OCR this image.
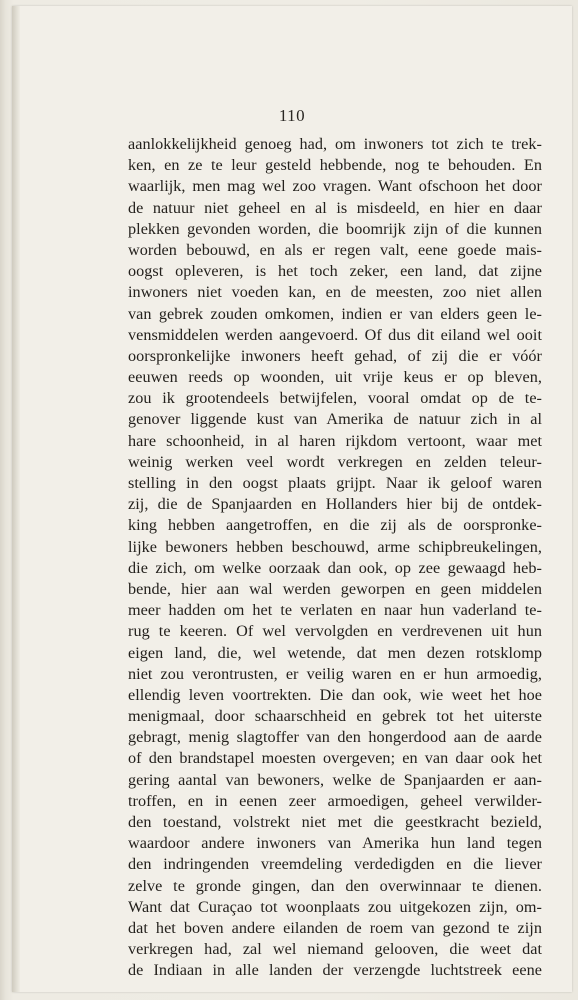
110
aanlokkelijkheid genoeg had, om inwoners tot zich te trek-
ken, en ze te leur gesteld hebbende, nog te behouden. En
waarlijk, men mag wel zoo vragen. Want ofschoon het door
de natuur niet geheel en al is misdeeld, en hier en daar
plekken gevonden worden, die boomrijk zijn of die kunnen
worden bebouwd, en als er regen valt, eene goede mais-
oogst opleveren, is het toch zeker, een land, dat zijne
inwoners niet voeden kan, en de meesten, zoo niet allen
van gebrek zouden omkomen, indien er van elders geen le-
vensmiddelen werden aangevoerd. Of dus dit eiland wel ooit
oorspronkelijke inwoners heeft gehad, of zij die er vóór
eeuwen reeds op woonden, uit vrije keus er op bleven,
zou ik grootendeels betwijfelen, vooral omdat op de te-
genover liggende kust van Amerika de natuur zich in al
hare schoonheid, in al haren rijkdom vertoont, waar met
weinig werken veel wordt verkregen en zelden teleur-
stelling in den oogst plaats grijpt. Naar ik geloof waren
zij, die de Spanjaarden en Hollanders hier bij de ontdek-
king hebben aangetroffen, en die zij als de oorspronke-
lijke bewoners hebben beschouwd, arme schipbreukelingen,
die zich, om welke oorzaak dan ook, op zee gewaagd heb-
bende, hier aan wal werden geworpen en geen middelen
meer hadden om het te verlaten en naar hun vaderland te-
rug te keeren. Of wel vervolgden en verdrevenen uit hun
eigen land, die, wel wetende, dat men dezen rotsklomp
niet zou verontrusten, er veilig waren en er hun armoedig,
ellendig leven voortrekten. Die dan ook, wie weet het hoe
menigmaal, door schaarschheid en gebrek tot het uiterste
gebragt, menig slagtoffer van den hongerdood aan de aarde
of den brandstapel moesten overgeven; en van daar ook het
gering aantal van bewoners, welke de Spanjaarden er aan-
troffen, en in eenen zeer armoedigen, geheel verwilder-
den toestand, volstrekt niet met die geestkracht bezield,
waardoor andere inwoners van Amerika hun land tegen
den indringenden vreemdeling verdedigden en die liever
zelve te gronde gingen, dan den overwinnaar te dienen.
Want dat Curaçao tot woonplaats zou uitgekozen zijn, om-
dat het boven andere eilanden de roem van gezond te zijn
verkregen had, zal wel niemand gelooven, die weet dat
de Indiaan in alle landen der verzengde luchtstreek eene
